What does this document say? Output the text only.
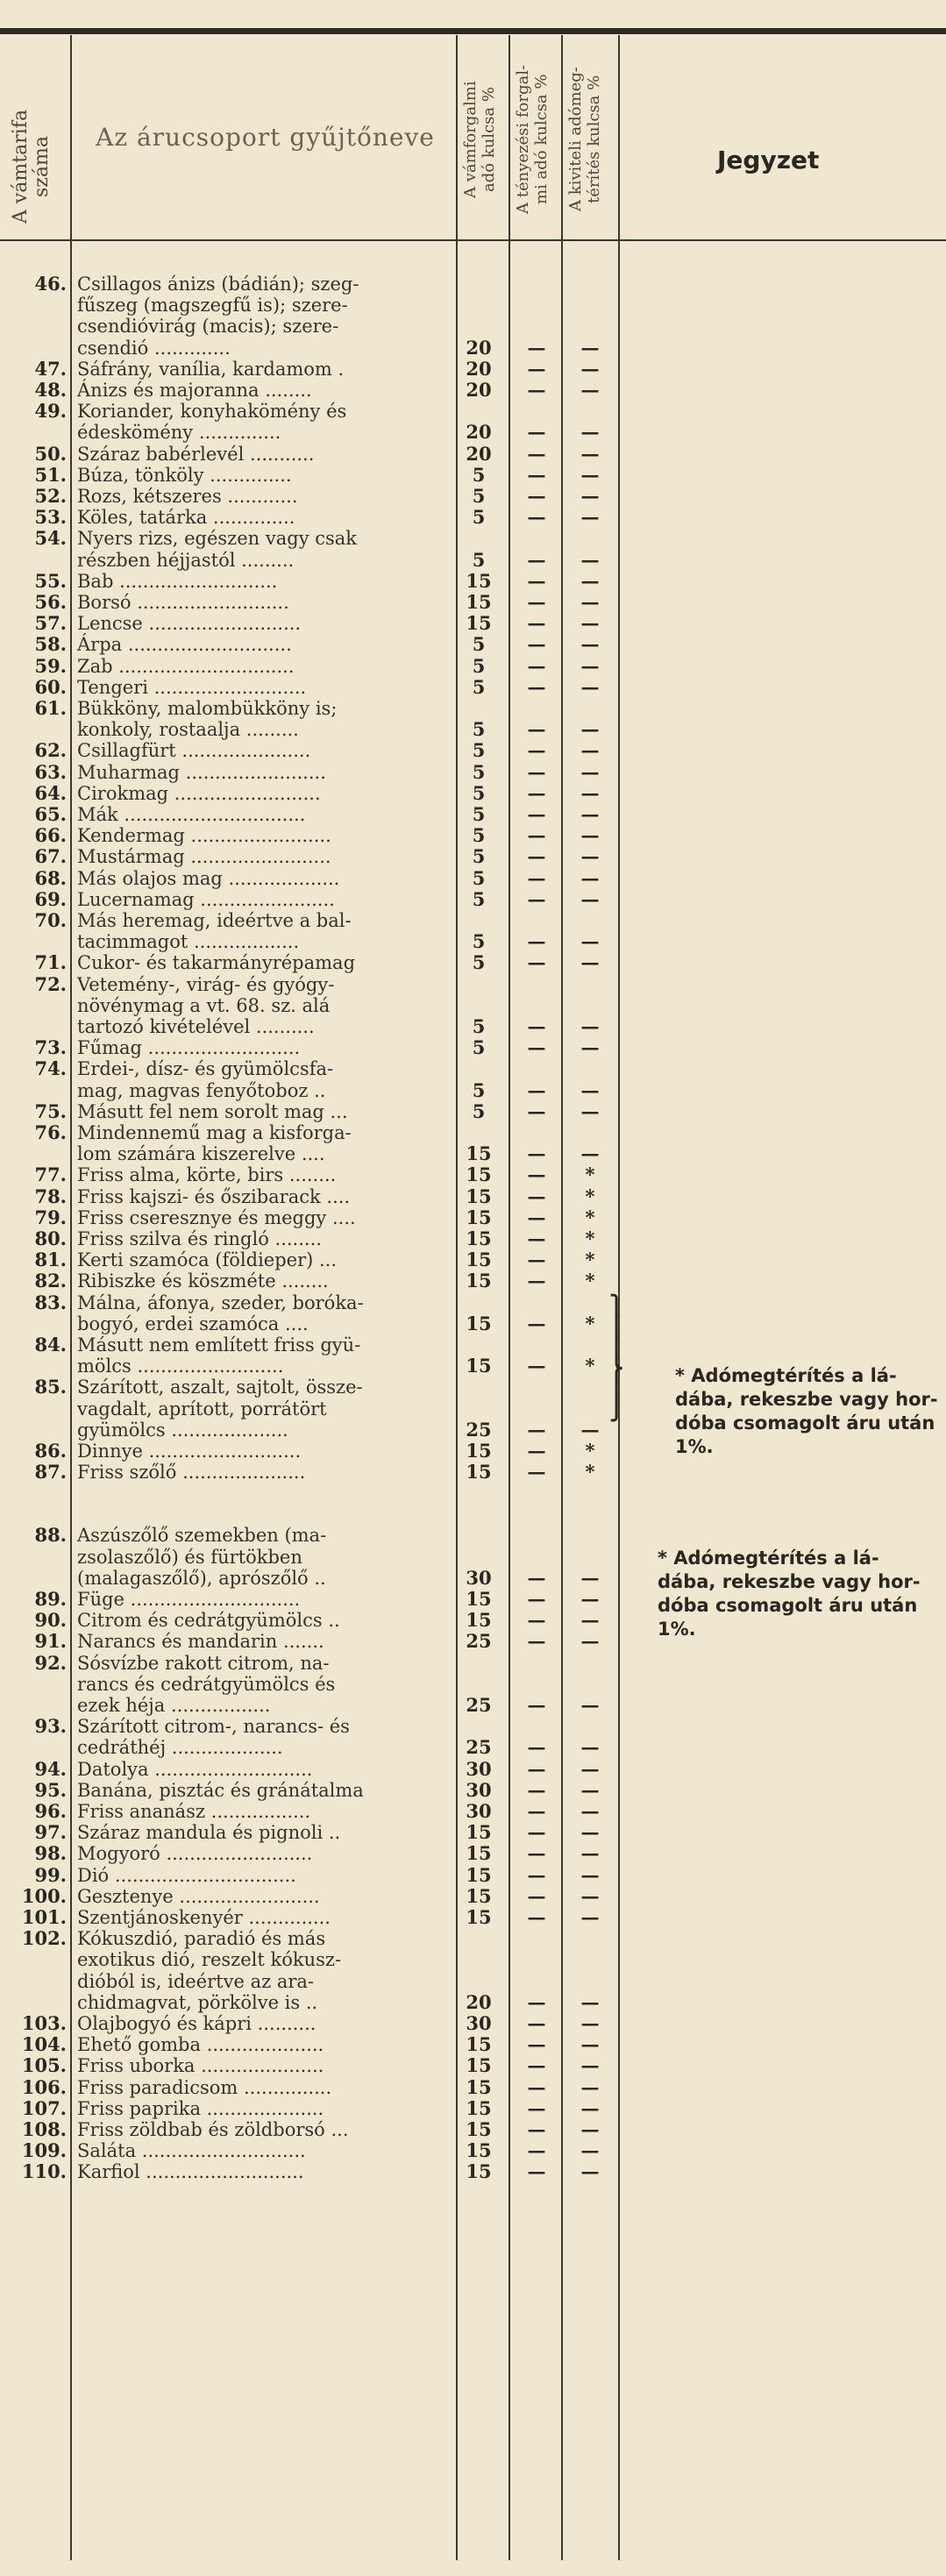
A vámtarifa
száma	Az árucsoport gyűjtőneve
A vámforgalmi
adó kulcsa %
A tényezési forgal-
mi adó kulcsa %
A kiviteli adómeg-
térítés kulcsa %
Jegyzet
46. Csillagos ánizs (bádián); szeg-
fűszeg (magszegfű is); szere-
csendióvirág (macis); szere-
csendió .............	20	— —
47. Sáfrány, vanília, kardamom .	20	— —
48. Ánizs és majoranna ........	20	— —
49. Koriander, konyhakömény és
édeskömény ..............	20	— —
50. Száraz babérlevél ...........	20	— —
51. Búza, tönköly ..............	5	— —
52. Rozs, kétszeres ............	5	— —
53. Köles, tatárka ..............	5	— —
54. Nyers rizs, egészen vagy csak
részben héjjastól .........	5	— —
55. Bab ...........................	15	— —
56. Borsó ..........................	15	— —
57. Lencse ..........................	15	— —
58. Árpa ............................	5	— —
59. Zab ..............................	5	— —
60. Tengeri ..........................	5	— —
61. Bükköny, malombükköny is;
konkoly, rostaalja .........	5	— —
62. Csillagfürt ......................	5	— —
63. Muharmag ........................	5	— —
64. Cirokmag .........................	5	— —
65. Mák ...............................	5	— —
66. Kendermag ........................	5	— —
67. Mustármag ........................	5	— —
68. Más olajos mag ...................	5	— —
69. Lucernamag .......................	5	— —
70. Más heremag, ideértve a bal-
tacimmagot ..................	5	— —
71. Cukor- és takarmányrépamag	5	— —
72. Vetemény-, virág- és gyógy-
növénymag a vt. 68. sz. alá
tartozó kivételével ..........	5	— —
73. Fűmag ..........................	5	— —
74. Erdei-, dísz- és gyümölcsfa-
mag, magvas fenyőtoboz ..	5	— —
75. Másutt fel nem sorolt mag ...	5	— —
76. Mindennemű mag a kisforga-
lom számára kiszerelve ....	15	— —
77. Friss alma, körte, birs ........	15	—	*
78. Friss kajszi- és őszibarack ....	15	—	*
79. Friss cseresznye és meggy ....	15	—	*
80. Friss szilva és ringló ........	15	—	*
81. Kerti szamóca (földieper) ...	15	—	*
82. Ribiszke és köszméte ........	15	—	*
83. Málna, áfonya, szeder, boróka-
bogyó, erdei szamóca ....	15	—	*
84. Másutt nem említett friss gyü-
mölcs .........................	15	—	*
85. Szárított, aszalt, sajtolt, össze-
vagdalt, aprított, porrátört
gyümölcs ....................	25	— —
86. Dinnye ..........................	15	—	*
87. Friss szőlő .....................	15	—	*
88. Aszúszőlő szemekben (ma-
zsolaszőlő) és fürtökben
(malagaszőlő), aprószőlő ..	30	— —
89. Füge .............................	15	— —
90. Citrom és cedrátgyümölcs ..	15	— —
91. Narancs és mandarin .......	25	— —
92. Sósvízbe rakott citrom, na-
rancs és cedrátgyümölcs és
ezek héja .................	25	— —
93. Szárított citrom-, narancs- és
cedráthéj ...................	25	— —
94. Datolya ...........................	30	— —
95. Banána, pisztác és gránátalma	30	— —
96. Friss ananász .................	30	— —
97. Száraz mandula és pignoli ..	15	— —
98. Mogyoró .........................	15	— —
99. Dió ...............................	15	— —
100. Gesztenye ........................	15	— —
101. Szentjánoskenyér ..............	15	— —
102. Kókuszdió, paradió és más
exotikus dió, reszelt kókusz-
dióból is, ideértve az ara-
chidmagvat, pörkölve is ..	20	— —
103. Olajbogyó és kápri ..........	30	— —
104. Ehető gomba ....................	15	— —
105. Friss uborka .....................	15	— —
106. Friss paradicsom ...............	15	— —
107. Friss paprika ....................	15	— —
108. Friss zöldbab és zöldborsó ...	15	— —
109. Saláta ............................	15	— —
110. Karfiol ...........................	15	— —
⎫
⎪
⎪
⎬
⎪
⎭
* Adómegtérítés a lá-
dába, rekeszbe vagy hor-
dóba csomagolt áru után
1%.
* Adómegtérítés a lá-
dába, rekeszbe vagy hor-
dóba csomagolt áru után
1%.
